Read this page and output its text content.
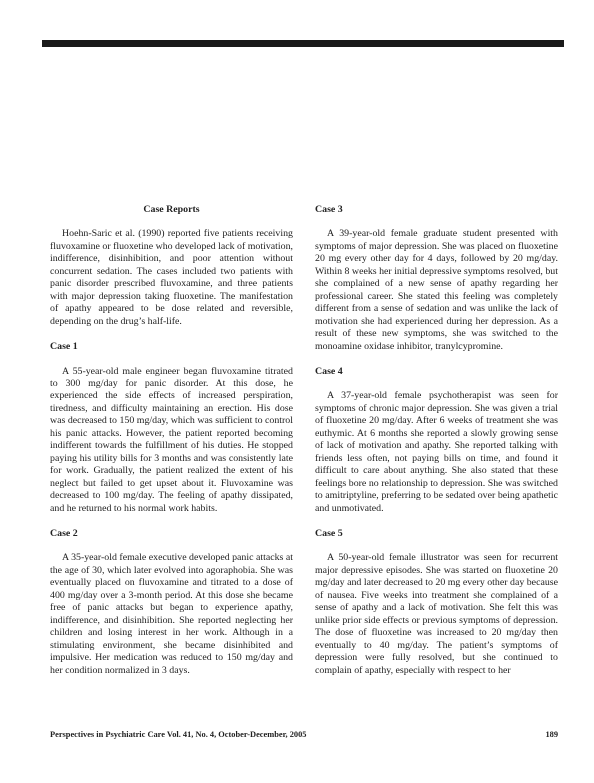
Case Reports

Hoehn-Saric et al. (1990) reported five patients receiving fluvoxamine or fluoxetine who developed lack of motivation, indifference, disinhibition, and poor attention without concurrent sedation. The cases included two patients with panic disorder prescribed fluvoxamine, and three patients with major depression taking fluoxetine. The manifestation of apathy appeared to be dose related and reversible, depending on the drug’s half-life.

Case 1

A 55-year-old male engineer began fluvoxamine titrated to 300 mg/day for panic disorder. At this dose, he experienced the side effects of increased perspiration, tiredness, and difficulty maintaining an erection. His dose was decreased to 150 mg/day, which was sufficient to control his panic attacks. However, the patient reported becoming indifferent towards the fulfillment of his duties. He stopped paying his utility bills for 3 months and was consistently late for work. Gradually, the patient realized the extent of his neglect but failed to get upset about it. Fluvoxamine was decreased to 100 mg/day. The feeling of apathy dissipated, and he returned to his normal work habits.

Case 2

A 35-year-old female executive developed panic attacks at the age of 30, which later evolved into agoraphobia. She was eventually placed on fluvoxamine and titrated to a dose of 400 mg/day over a 3-month period. At this dose she became free of panic attacks but began to experience apathy, indifference, and disinhibition. She reported neglecting her children and losing interest in her work. Although in a stimulating environment, she became disinhibited and impulsive. Her medication was reduced to 150 mg/day and her condition normalized in 3 days.

Case 3

A 39-year-old female graduate student presented with symptoms of major depression. She was placed on fluoxetine 20 mg every other day for 4 days, followed by 20 mg/day. Within 8 weeks her initial depressive symptoms resolved, but she complained of a new sense of apathy regarding her professional career. She stated this feeling was completely different from a sense of sedation and was unlike the lack of motivation she had experienced during her depression. As a result of these new symptoms, she was switched to the monoamine oxidase inhibitor, tranylcypromine.

Case 4

A 37-year-old female psychotherapist was seen for symptoms of chronic major depression. She was given a trial of fluoxetine 20 mg/day. After 6 weeks of treatment she was euthymic. At 6 months she reported a slowly growing sense of lack of motivation and apathy. She reported talking with friends less often, not paying bills on time, and found it difficult to care about anything. She also stated that these feelings bore no relationship to depression. She was switched to amitriptyline, preferring to be sedated over being apathetic and unmotivated.

Case 5

A 50-year-old female illustrator was seen for recurrent major depressive episodes. She was started on fluoxetine 20 mg/day and later decreased to 20 mg every other day because of nausea. Five weeks into treatment she complained of a sense of apathy and a lack of motivation. She felt this was unlike prior side effects or previous symptoms of depression. The dose of fluoxetine was increased to 20 mg/day then eventually to 40 mg/day. The patient’s symptoms of depression were fully resolved, but she continued to complain of apathy, especially with respect to her

Perspectives in Psychiatric Care Vol. 41, No. 4, October-December, 2005	189
